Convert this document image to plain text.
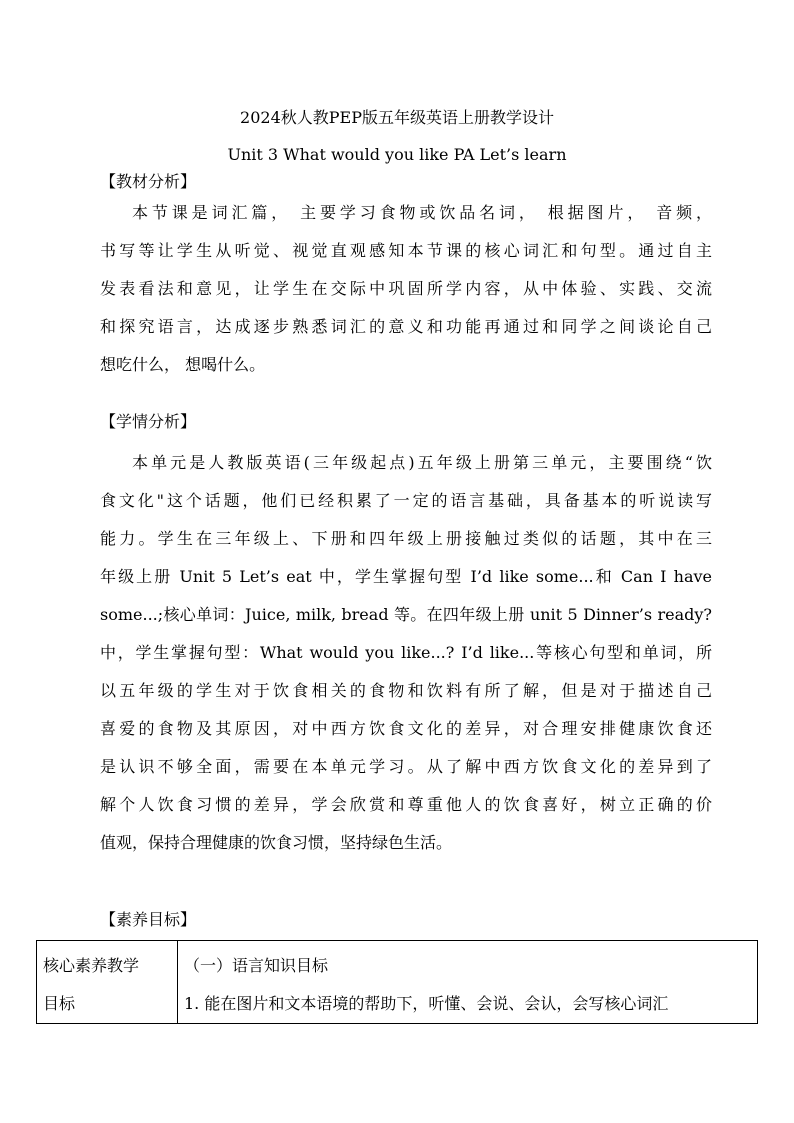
2024秋人教PEP版五年级英语上册教学设计
Unit 3 What would you like PA Let’s learn
【教材分析】
本节课是词汇篇， 主要学习食物或饮品名词， 根据图片， 音频，
书写等让学生从听觉、视觉直观感知本节课的核心词汇和句型。通过自主
发表看法和意见，让学生在交际中巩固所学内容，从中体验、实践、交流
和探究语言，达成逐步熟悉词汇的意义和功能再通过和同学之间谈论自己
想吃什么， 想喝什么。
【学情分析】
本单元是人教版英语(三年级起点)五年级上册第三单元，主要围绕“饮
食文化"这个话题，他们已经积累了一定的语言基础，具备基本的听说读写
能力。学生在三年级上、下册和四年级上册接触过类似的话题，其中在三
年级上册 Unit 5 Let’s eat 中，学生掌握句型 I’d like some...和 Can I have
some...;核心单词：Juice, milk, bread 等。在四年级上册 unit 5 Dinner’s ready?
中，学生掌握句型：What would you like...? I’d like...等核心句型和单词，所
以五年级的学生对于饮食相关的食物和饮料有所了解，但是对于描述自己
喜爱的食物及其原因，对中西方饮食文化的差异，对合理安排健康饮食还
是认识不够全面，需要在本单元学习。从了解中西方饮食文化的差异到了
解个人饮食习惯的差异，学会欣赏和尊重他人的饮食喜好，树立正确的价
值观，保持合理健康的饮食习惯，坚持绿色生活。
【素养目标】
核心素养教学
目标

（一）语言知识目标
1. 能在图片和文本语境的帮助下，听懂、会说、会认，会写核心词汇
